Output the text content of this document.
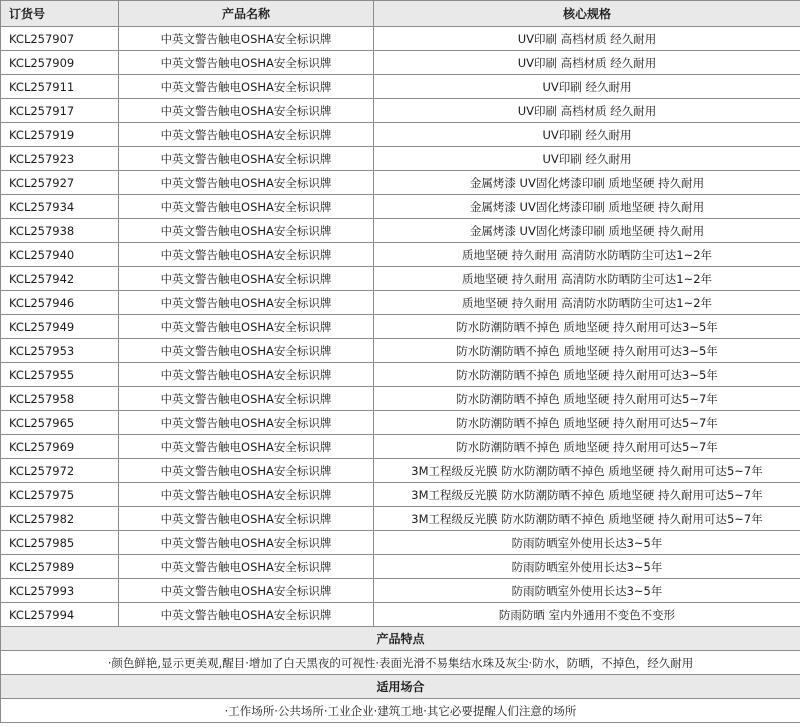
订货号	产品名称	核心规格
KCL257907	中英文警告触电OSHA安全标识牌	UV印刷 高档材质 经久耐用
KCL257909	中英文警告触电OSHA安全标识牌	UV印刷 高档材质 经久耐用
KCL257911	中英文警告触电OSHA安全标识牌	UV印刷 经久耐用
KCL257917	中英文警告触电OSHA安全标识牌	UV印刷 高档材质 经久耐用
KCL257919	中英文警告触电OSHA安全标识牌	UV印刷 经久耐用
KCL257923	中英文警告触电OSHA安全标识牌	UV印刷 经久耐用
KCL257927	中英文警告触电OSHA安全标识牌	金属烤漆 UV固化烤漆印刷 质地坚硬 持久耐用
KCL257934	中英文警告触电OSHA安全标识牌	金属烤漆 UV固化烤漆印刷 质地坚硬 持久耐用
KCL257938	中英文警告触电OSHA安全标识牌	金属烤漆 UV固化烤漆印刷 质地坚硬 持久耐用
KCL257940	中英文警告触电OSHA安全标识牌	质地坚硬 持久耐用 高清防水防晒防尘可达1~2年
KCL257942	中英文警告触电OSHA安全标识牌	质地坚硬 持久耐用 高清防水防晒防尘可达1~2年
KCL257946	中英文警告触电OSHA安全标识牌	质地坚硬 持久耐用 高清防水防晒防尘可达1~2年
KCL257949	中英文警告触电OSHA安全标识牌	防水防潮防晒不掉色 质地坚硬 持久耐用可达3~5年
KCL257953	中英文警告触电OSHA安全标识牌	防水防潮防晒不掉色 质地坚硬 持久耐用可达3~5年
KCL257955	中英文警告触电OSHA安全标识牌	防水防潮防晒不掉色 质地坚硬 持久耐用可达3~5年
KCL257958	中英文警告触电OSHA安全标识牌	防水防潮防晒不掉色 质地坚硬 持久耐用可达5~7年
KCL257965	中英文警告触电OSHA安全标识牌	防水防潮防晒不掉色 质地坚硬 持久耐用可达5~7年
KCL257969	中英文警告触电OSHA安全标识牌	防水防潮防晒不掉色 质地坚硬 持久耐用可达5~7年
KCL257972	中英文警告触电OSHA安全标识牌	3M工程级反光膜 防水防潮防晒不掉色 质地坚硬 持久耐用可达5~7年
KCL257975	中英文警告触电OSHA安全标识牌	3M工程级反光膜 防水防潮防晒不掉色 质地坚硬 持久耐用可达5~7年
KCL257982	中英文警告触电OSHA安全标识牌	3M工程级反光膜 防水防潮防晒不掉色 质地坚硬 持久耐用可达5~7年
KCL257985	中英文警告触电OSHA安全标识牌	防雨防晒室外使用长达3~5年
KCL257989	中英文警告触电OSHA安全标识牌	防雨防晒室外使用长达3~5年
KCL257993	中英文警告触电OSHA安全标识牌	防雨防晒室外使用长达3~5年
KCL257994	中英文警告触电OSHA安全标识牌	防雨防晒 室内外通用不变色不变形
产品特点		
·颜色鲜艳,显示更美观,醒目·增加了白天黑夜的可视性·表面光滑不易集结水珠及灰尘·防水，防晒，不掉色，经久耐用		
适用场合		
·工作场所·公共场所·工业企业·建筑工地·其它必要提醒人们注意的场所		
